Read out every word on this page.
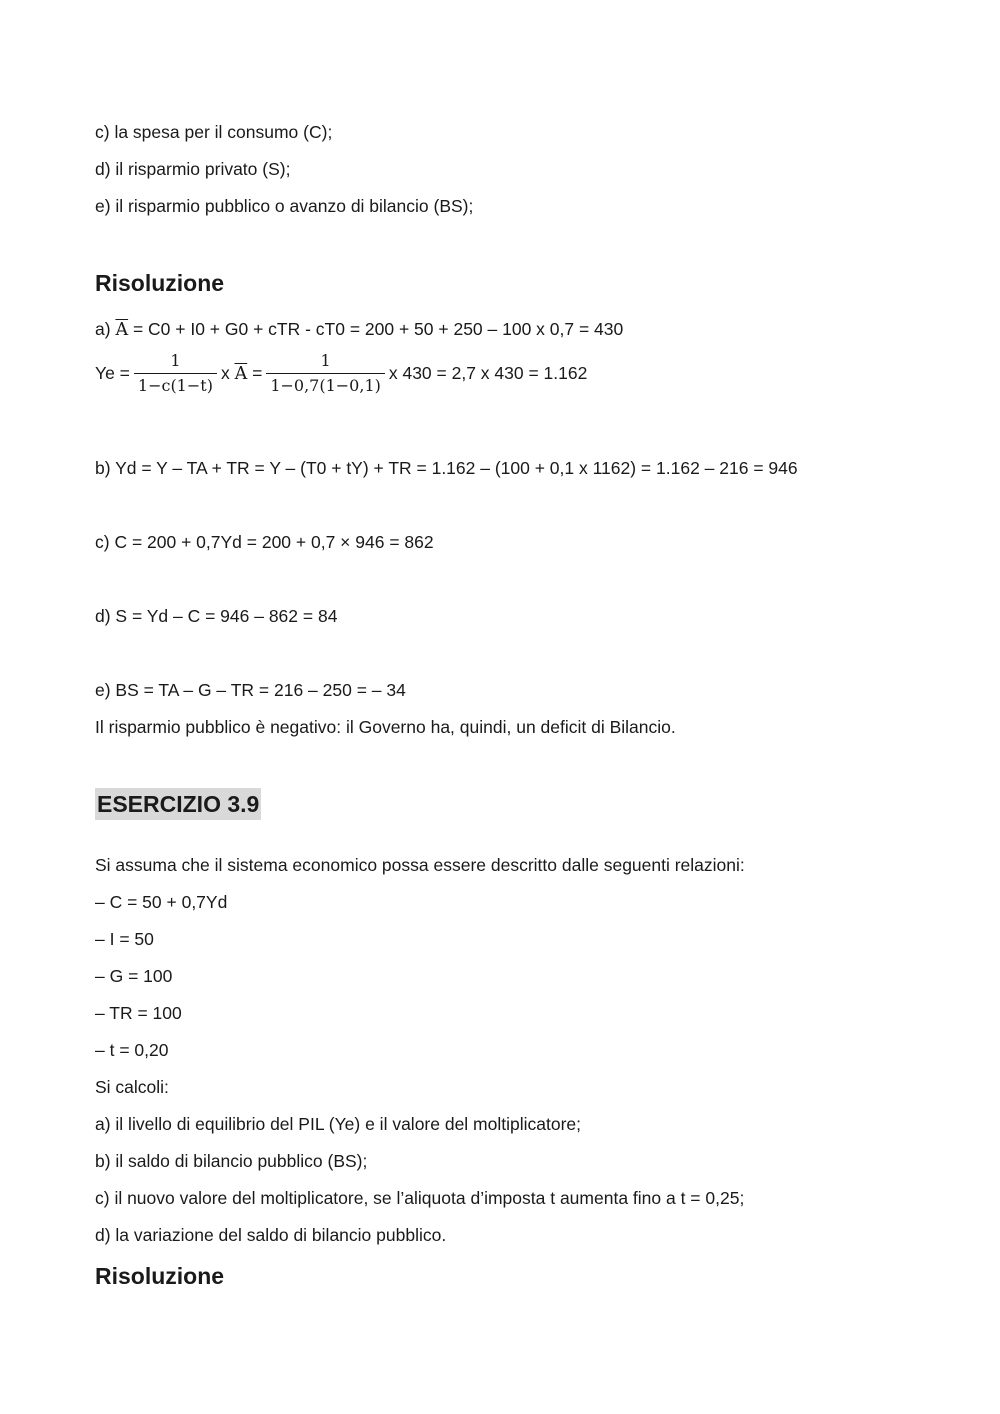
c) la spesa per il consumo (C);
d) il risparmio privato (S);
e) il risparmio pubblico o avanzo di bilancio (BS);
Risoluzione
a) $\overline{A} = C0 + I0 + G0$ + cTR - cT0 = 200 + 50 + 250 – 100 x 0,7 = 430
$Ye = \frac{1}{1-c(1-t)}$ x
$\overline{A}$
= $\frac{1}{1-0,7(1-0,1)}$ x 430 = 2,7 x 430 = 1.162
b) Yd = Y – TA + TR = Y – (T0 + tY) + TR = 1.162 – (100 + 0,1 x 1162) = 1.162 – 216 = 946
c) C = 200 + 0,7Yd = 200 + 0,7 × 946 = 862
d) S = Yd – C = 946 – 862 = 84
e) BS = TA – G – TR = 216 – 250 = – 34
Il risparmio pubblico è negativo: il Governo ha, quindi, un deficit di Bilancio.
ESERCIZIO 3.9
Si assuma che il sistema economico possa essere descritto dalle seguenti relazioni:
– C = 50 + 0,7Yd
– I = 50
– G = 100
– TR = 100
– t = 0,20
Si calcoli:
a) il livello di equilibrio del PIL (Ye) e il valore del moltiplicatore;
b) il saldo di bilancio pubblico (BS);
c) il nuovo valore del moltiplicatore, se l’aliquota d’imposta t aumenta fino a t = 0,25;
d) la variazione del saldo di bilancio pubblico.
Risoluzione
